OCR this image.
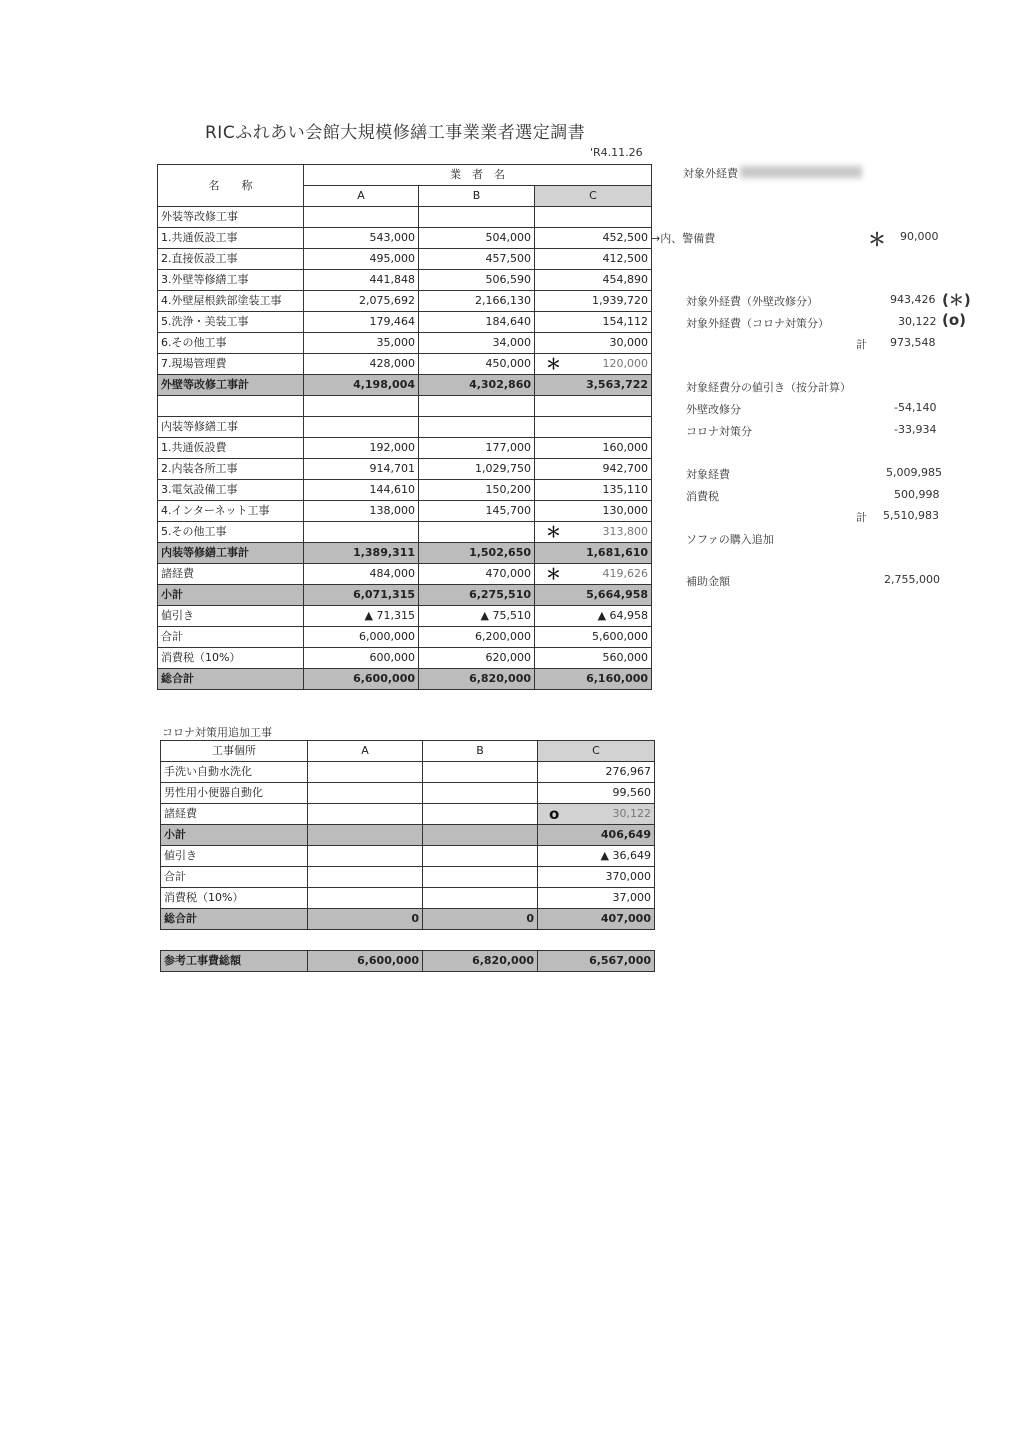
RICふれあい会館大規模修繕工事業業者選定調書
'R4.11.26
名　　称	業　者　名		
	A	B	C
外装等改修工事			
1.共通仮設工事	543,000	504,000	452,500
2.直接仮設工事	495,000	457,500	412,500
3.外壁等修繕工事	441,848	506,590	454,890
4.外壁屋根鉄部塗装工事	2,075,692	2,166,130	1,939,720
5.洗浄・美装工事	179,464	184,640	154,112
6.その他工事	35,000	34,000	30,000
7.現場管理費	428,000	450,000	＊ 120,000
外壁等改修工事計	4,198,004	4,302,860	3,563,722

内装等修繕工事			
1.共通仮設費	192,000	177,000	160,000
2.内装各所工事	914,701	1,029,750	942,700
3.電気設備工事	144,610	150,200	135,110
4.インターネット工事	138,000	145,700	130,000
5.その他工事			＊ 313,800
内装等修繕工事計	1,389,311	1,502,650	1,681,610
諸経費	484,000	470,000	＊ 419,626
小計	6,071,315	6,275,510	5,664,958
値引き	▲ 71,315	▲ 75,510	▲ 64,958
合計	6,000,000	6,200,000	5,600,000
消費税（10%）	600,000	620,000	560,000
総合計	6,600,000	6,820,000	6,160,000
対象外経費
→内、警備費	＊ 90,000
対象外経費（外壁改修分）	943,426 (＊)
対象外経費（コロナ対策分）	30,122 (o)
計 973,548
対象経費分の値引き（按分計算）
外壁改修分	-54,140
コロナ対策分	-33,934
対象経費	5,009,985
消費税	500,998
計 5,510,983
ソファの購入追加
補助金額	2,755,000
コロナ対策用追加工事
工事個所	A	B	C
手洗い自動水洗化			276,967
男性用小便器自動化			99,560
諸経費			o 30,122
小計			406,649
値引き			▲ 36,649
合計			370,000
消費税（10%）			37,000
総合計	0	0	407,000
参考工事費総額	6,600,000	6,820,000	6,567,000
